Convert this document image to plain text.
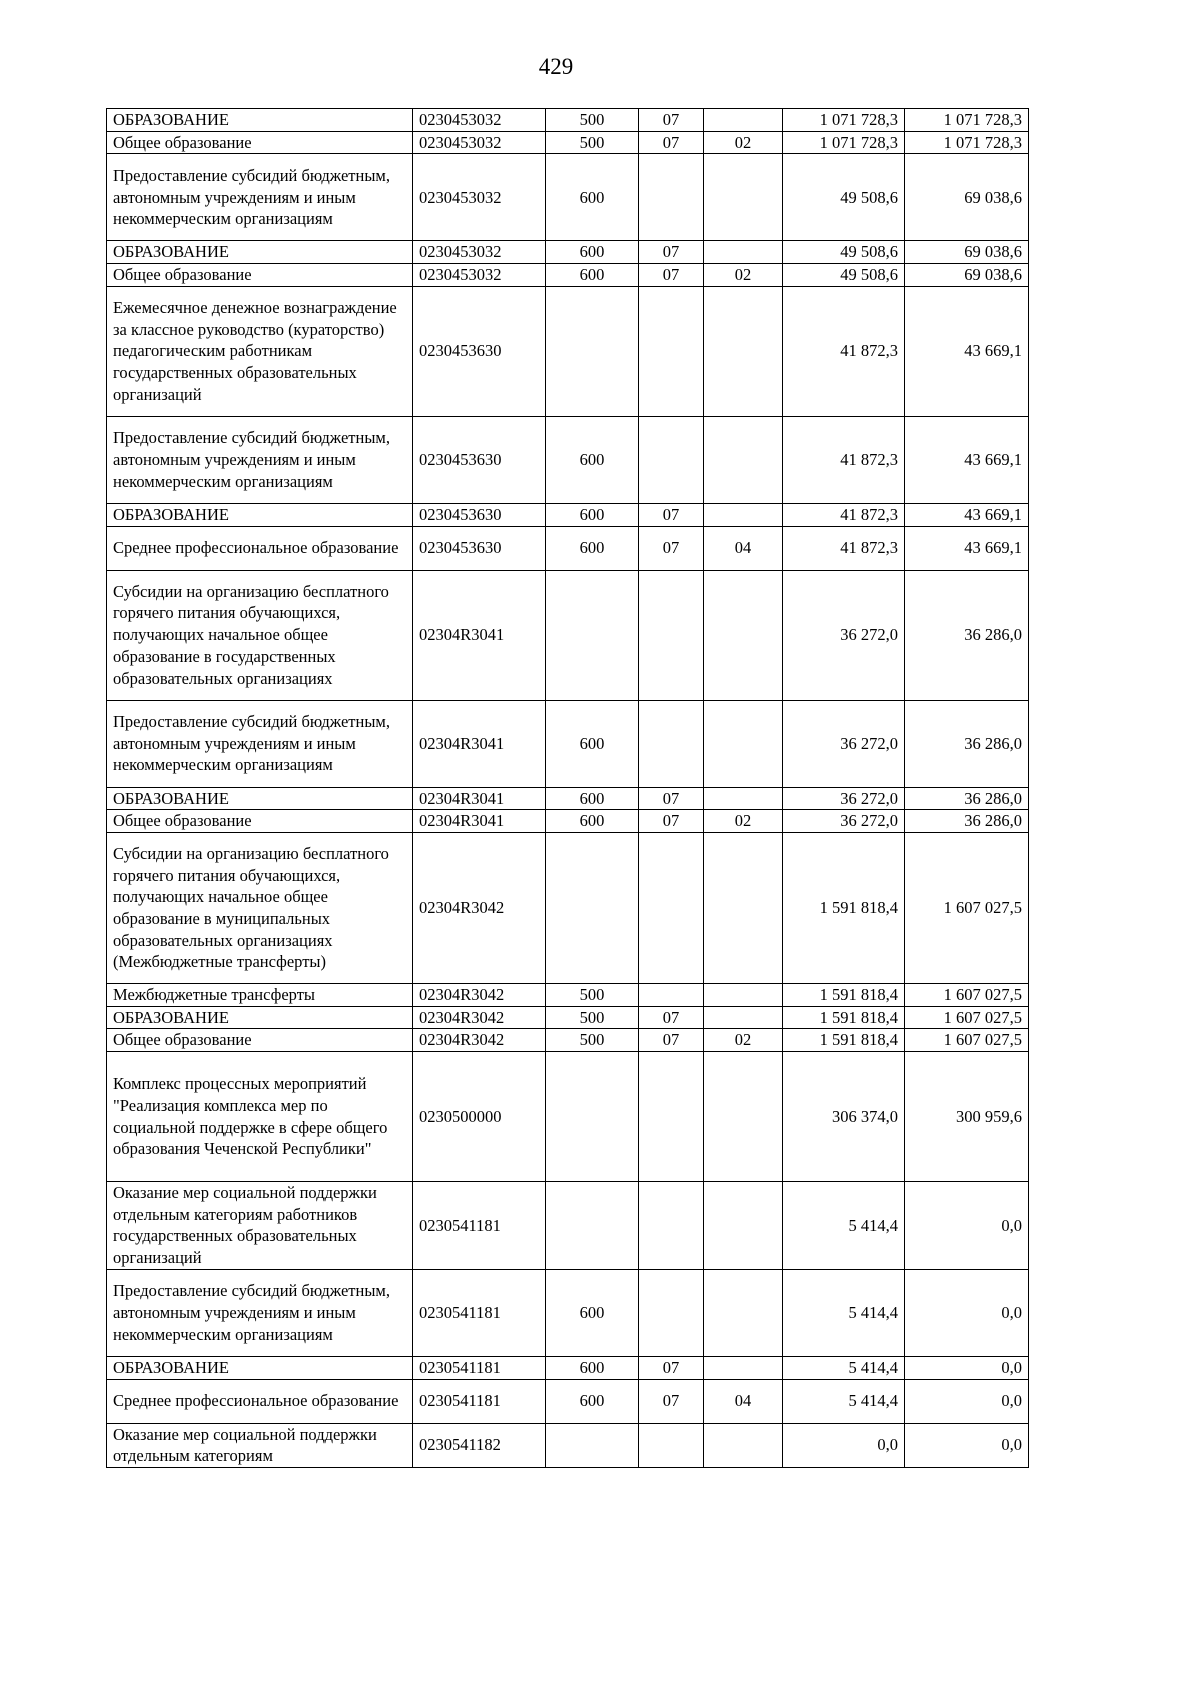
429
ОБРАЗОВАНИЕ	0230453032	500	07		1 071 728,3	1 071 728,3
Общее образование	0230453032	500	07	02	1 071 728,3	1 071 728,3
Предоставление субсидий бюджетным, автономным учреждениям и иным некоммерческим организациям	0230453032	600			49 508,6	69 038,6
ОБРАЗОВАНИЕ	0230453032	600	07		49 508,6	69 038,6
Общее образование	0230453032	600	07	02	49 508,6	69 038,6
Ежемесячное денежное вознаграждение за классное руководство (кураторство) педагогическим работникам государственных образовательных организаций	0230453630				41 872,3	43 669,1
Предоставление субсидий бюджетным, автономным учреждениям и иным некоммерческим организациям	0230453630	600			41 872,3	43 669,1
ОБРАЗОВАНИЕ	0230453630	600	07		41 872,3	43 669,1
Среднее профессиональное образование	0230453630	600	07	04	41 872,3	43 669,1
Субсидии на организацию бесплатного горячего питания обучающихся, получающих начальное общее образование в государственных образовательных организациях	02304R3041				36 272,0	36 286,0
Предоставление субсидий бюджетным, автономным учреждениям и иным некоммерческим организациям	02304R3041	600			36 272,0	36 286,0
ОБРАЗОВАНИЕ	02304R3041	600	07		36 272,0	36 286,0
Общее образование	02304R3041	600	07	02	36 272,0	36 286,0
Субсидии на организацию бесплатного горячего питания обучающихся, получающих начальное общее образование в муниципальных образовательных организациях (Межбюджетные трансферты)	02304R3042				1 591 818,4	1 607 027,5
Межбюджетные трансферты	02304R3042	500			1 591 818,4	1 607 027,5
ОБРАЗОВАНИЕ	02304R3042	500	07		1 591 818,4	1 607 027,5
Общее образование	02304R3042	500	07	02	1 591 818,4	1 607 027,5
Комплекс процессных мероприятий "Реализация комплекса мер по социальной поддержке в сфере общего образования Чеченской Республики"	0230500000				306 374,0	300 959,6
Оказание мер социальной поддержки отдельным категориям работников государственных образовательных организаций	0230541181				5 414,4	0,0
Предоставление субсидий бюджетным, автономным учреждениям и иным некоммерческим организациям	0230541181	600			5 414,4	0,0
ОБРАЗОВАНИЕ	0230541181	600	07		5 414,4	0,0
Среднее профессиональное образование	0230541181	600	07	04	5 414,4	0,0
Оказание мер социальной поддержки отдельным категориям	0230541182				0,0	0,0
